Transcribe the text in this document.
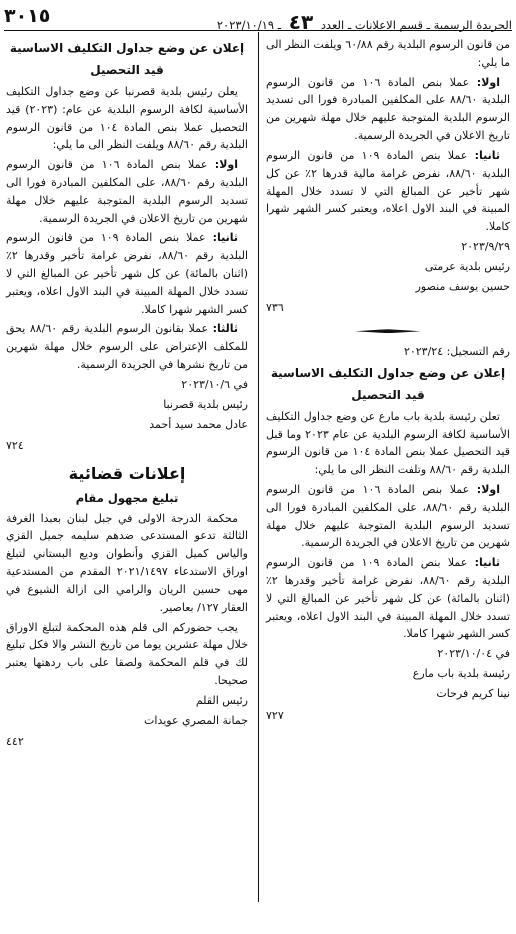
الجريدة الرسمية ـ قسم الاعلانات ـ العدد ٤٣ ـ ٢٠٢٣/١٠/١٩
٣٠١٥

من قانون الرسوم البلدية رقم ٦٠/٨٨ ويلفت النظر الى ما يلي:

اولا: عملا بنص المادة ١٠٦ من قانون الرسوم البلدية ٨٨/٦٠ على المكلفين المبادرة فورا الى تسديد الرسوم البلدية المتوجبة عليهم خلال مهلة شهرين من تاريخ الاعلان في الجريدة الرسمية.

ثانيا: عملا بنص المادة ١٠٩ من قانون الرسوم البلدية ٨٨/٦٠، نفرض غرامة مالية قدرها ٢٪ عن كل شهر تأخير عن المبالغ التي لا تسدد خلال المهلة المبينة في البند الاول اعلاه، ويعتبر كسر الشهر شهرا كاملا.

٢٠٢٣/٩/٢٩

رئيس بلدية عرمتى

حسين يوسف منصور

٧٣٦

رقم التسجيل: ٢٠٢٣/٢٤

إعلان عن وضع جداول التكليف الاساسية
قيد التحصيل

تعلن رئيسة بلدية باب مارع عن وضع جداول التكليف الأساسية لكافة الرسوم البلدية عن عام ٢٠٢٣ وما قبل قيد التحصيل عملا بنص المادة ١٠٤ من قانون الرسوم البلدية رقم ٨٨/٦٠ وتلفت النظر الى ما يلي:

اولا: عملا بنص المادة ١٠٦ من قانون الرسوم البلدية رقم ٨٨/٦٠، على المكلفين المبادرة فورا الى تسديد الرسوم البلدية المتوجبة عليهم خلال مهلة شهرين من تاريخ الاعلان في الجريدة الرسمية.

ثانيا: عملا بنص المادة ١٠٩ من قانون الرسوم البلدية رقم ٨٨/٦٠، نفرض غرامة تأخير وقدرها ٢٪ (اثنان بالمائة) عن كل شهر تأخير عن المبالغ التي لا تسدد خلال المهلة المبينة في البند الاول اعلاه، ويعتبر كسر الشهر شهرا كاملا.

في ٢٠٢٣/١٠/٠٤

رئيسة بلدية باب مارع

نينا كريم فرحات

٧٢٧

إعلان عن وضع جداول التكليف الاساسية
قيد التحصيل

يعلن رئيس بلدية قصرنبا عن وضع جداول التكليف الأساسية لكافة الرسوم البلدية عن عام: (٢٠٢٣) قيد التحصيل عملا بنص المادة ١٠٤ من قانون الرسوم البلدية رقم ٨٨/٦٠ ويلفت النظر الى ما يلي:

اولا: عملا بنص المادة ١٠٦ من قانون الرسوم البلدية رقم ٨٨/٦٠، على المكلفين المبادرة فورا الى تسديد الرسوم البلدية المتوجبة عليهم خلال مهلة شهرين من تاريخ الاعلان في الجريدة الرسمية.

ثانيا: عملا بنص المادة ١٠٩ من قانون الرسوم البلدية رقم ٨٨/٦٠، نفرض غرامة تأخير وقدرها ٢٪ (اثنان بالمائة) عن كل شهر تأخير عن المبالغ التي لا تسدد خلال المهلة المبينة في البند الاول اعلاه، ويعتبر كسر الشهر شهرا كاملا.

ثالثا: عملا بقانون الرسوم البلدية رقم ٨٨/٦٠ يحق للمكلف الإعتراض على الرسوم خلال مهلة شهرين من تاريخ نشرها في الجريدة الرسمية.

في ٢٠٢٣/١٠/٦

رئيس بلدية قصرنبا

عادل محمد سيد أحمد

٧٢٤

إعلانات قضائية
تبليغ مجهول مقام

محكمة الدرجة الاولى في جبل لبنان بعبدا الغرفة الثالثة تدعو المستدعى ضدهم سليمه جميل القزي والياس كميل القزي وأنطوان وديع البستاني لتبلغ اوراق الاستدعاء ٢٠٢١/١٤٩٧ المقدم من المستدعية مهى حسين الريان والرامي الى ازالة الشيوع في العقار ١٢٧/ بعاصير.

يجب حضوركم الى قلم هذه المحكمة لتبلغ الاوراق خلال مهلة عشرين يوما من تاريخ النشر والا فكل تبليغ لك في قلم المحكمة ولصقا على باب ردهتها يعتبر صحيحا.

رئيس القلم

جمانة المصري عويدات

٤٤٢
